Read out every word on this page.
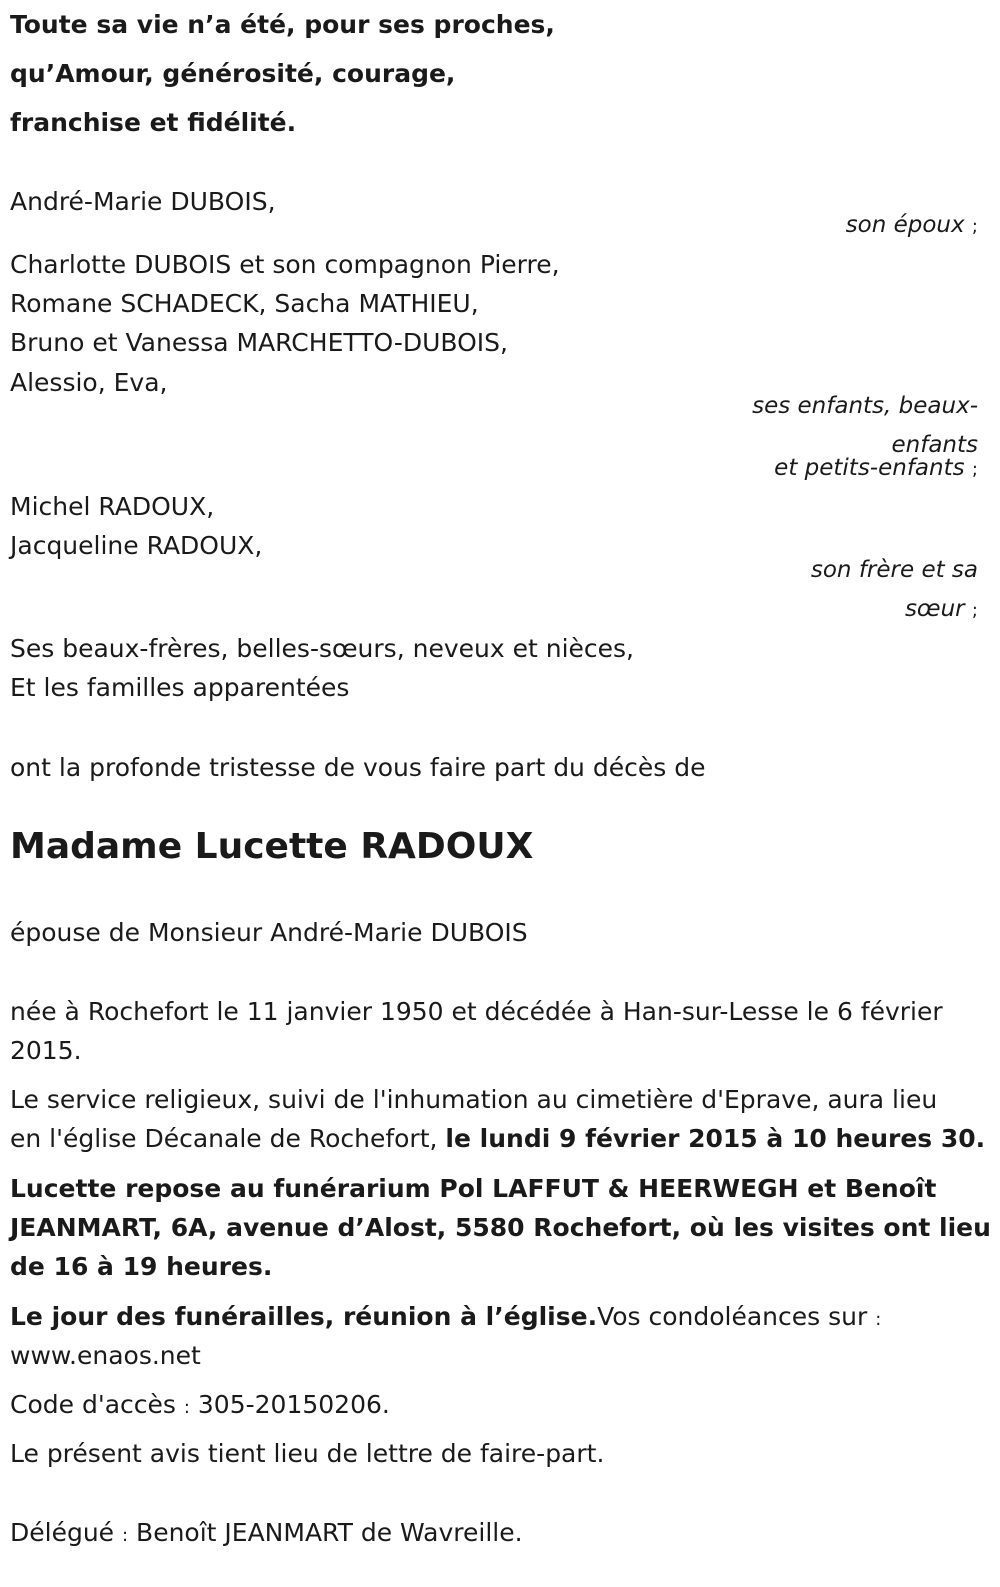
Toute sa vie n’a été, pour ses proches,
qu’Amour, générosité, courage,
franchise et fidélité.
André-Marie DUBOIS,
son époux ;
Charlotte DUBOIS et son compagnon Pierre,
Romane SCHADECK, Sacha MATHIEU,
Bruno et Vanessa MARCHETTO-DUBOIS,
Alessio, Eva,
ses enfants, beaux-
enfants
et petits-enfants ;
Michel RADOUX,
Jacqueline RADOUX,
son frère et sa
sœur ;
Ses beaux-frères, belles-sœurs, neveux et nièces,
Et les familles apparentées
ont la profonde tristesse de vous faire part du décès de
Madame Lucette RADOUX
épouse de Monsieur André-Marie DUBOIS
née à Rochefort le 11 janvier 1950 et décédée à Han-sur-Lesse le 6 février
2015.
Le service religieux, suivi de l'inhumation au cimetière d'Eprave, aura lieu
en l'église Décanale de Rochefort, le lundi 9 février 2015 à 10 heures 30.
Lucette repose au funérarium Pol LAFFUT & HEERWEGH et Benoît
JEANMART, 6A, avenue d’Alost, 5580 Rochefort, où les visites ont lieu
de 16 à 19 heures.
Le jour des funérailles, réunion à l’église.Vos condoléances sur :
www.enaos.net
Code d'accès : 305-20150206.
Le présent avis tient lieu de lettre de faire-part.
Délégué : Benoît JEANMART de Wavreille.
